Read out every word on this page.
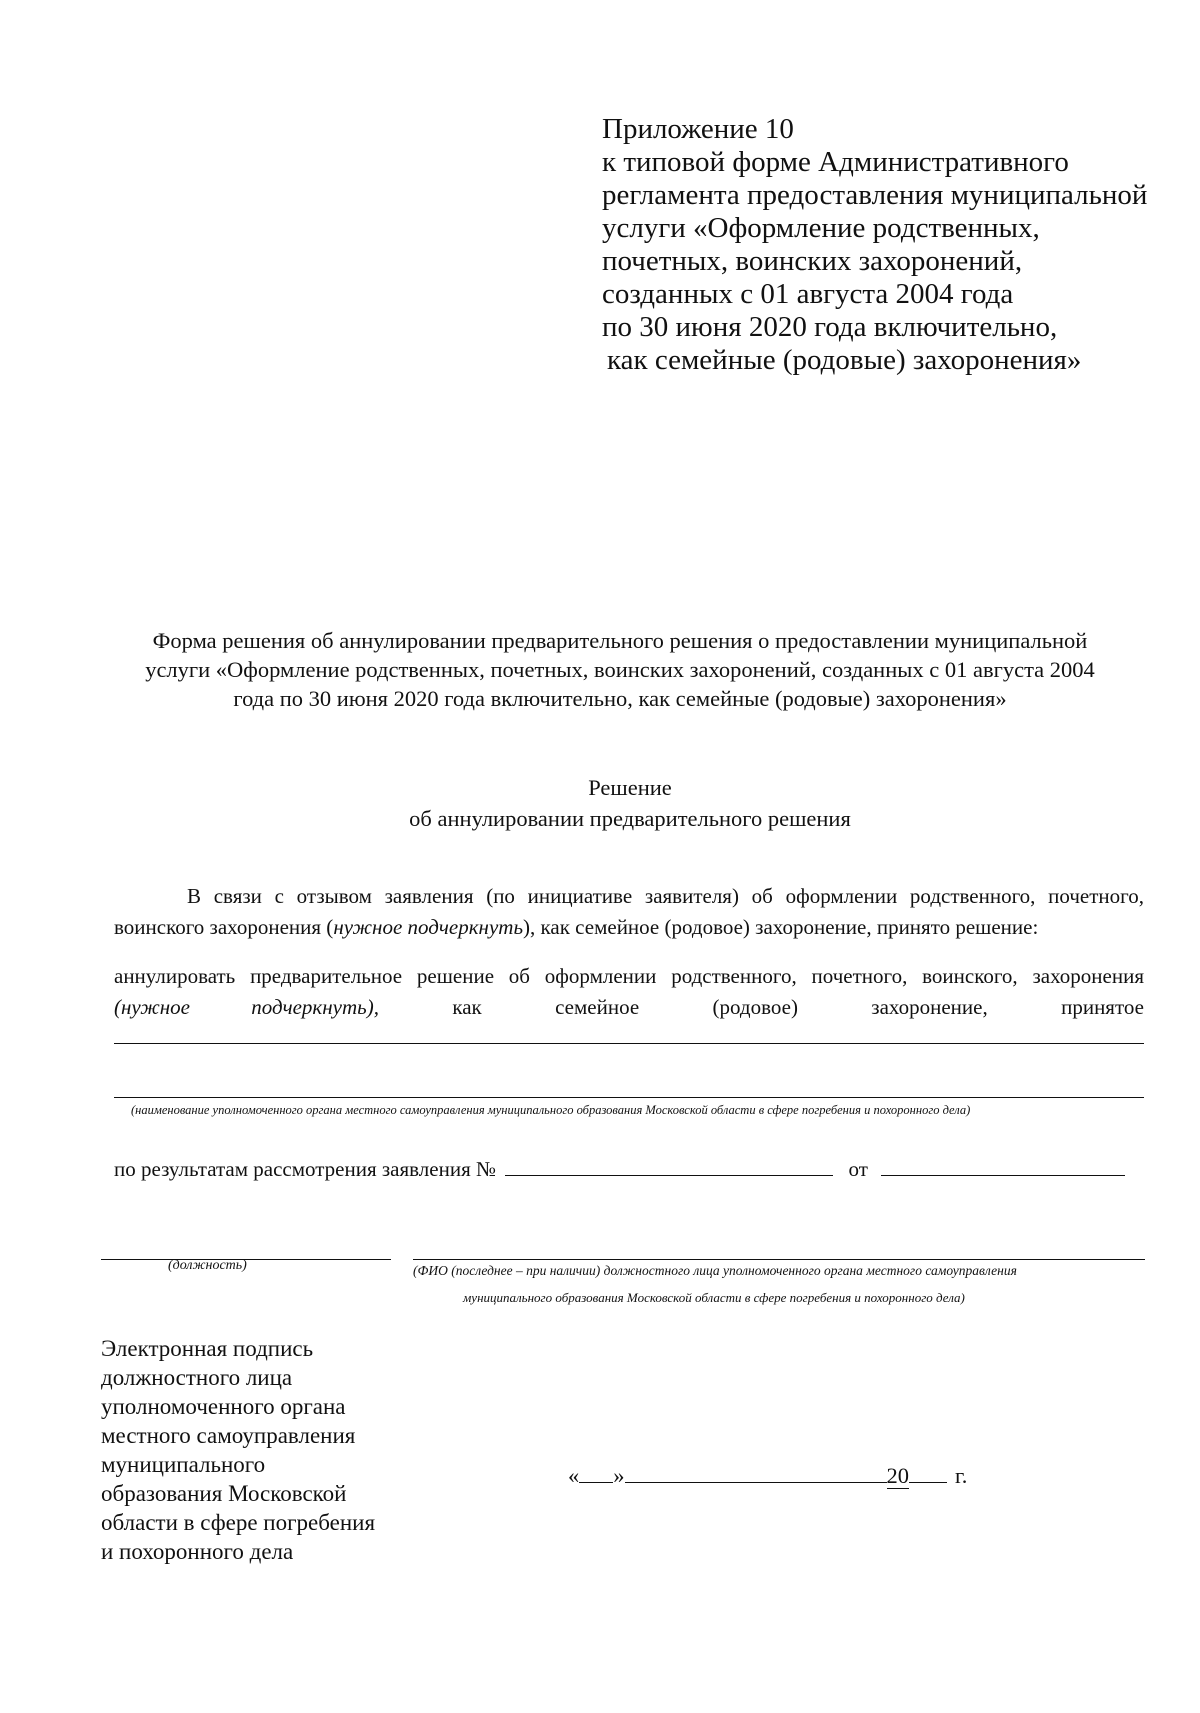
Приложение 10
к типовой форме Административного
регламента предоставления муниципальной
услуги «Оформление родственных,
почетных, воинских захоронений,
созданных с 01 августа 2004 года
по 30 июня 2020 года включительно,
как семейные (родовые) захоронения»
Форма решения об аннулировании предварительного решения о предоставлении муниципальной
услуги «Оформление родственных, почетных, воинских захоронений, созданных с 01 августа 2004
года по 30 июня 2020 года включительно, как семейные (родовые) захоронения»
Решение
об аннулировании предварительного решения
В связи с отзывом заявления (по инициативе заявителя) об оформлении родственного, почетного,
воинского захоронения (нужное подчеркнуть), как семейное (родовое) захоронение, принято решение:
аннулировать предварительное решение об оформлении родственного, почетного, воинского, захоронения
(нужное подчеркнуть),	как	семейное	(родовое)	захоронение,	принятое
(наименование уполномоченного органа местного самоуправления муниципального образования Московской области в сфере погребения и похоронного дела)
по результатам рассмотрения заявления №	от
(должность)	(ФИО (последнее – при наличии) должностного лица уполномоченного органа местного самоуправления
муниципального образования Московской области в сфере погребения и похоронного дела)
Электронная подпись
должностного лица
уполномоченного органа
местного самоуправления
муниципального
образования Московской
области в сфере погребения
и похоронного дела
« »	20 г.
